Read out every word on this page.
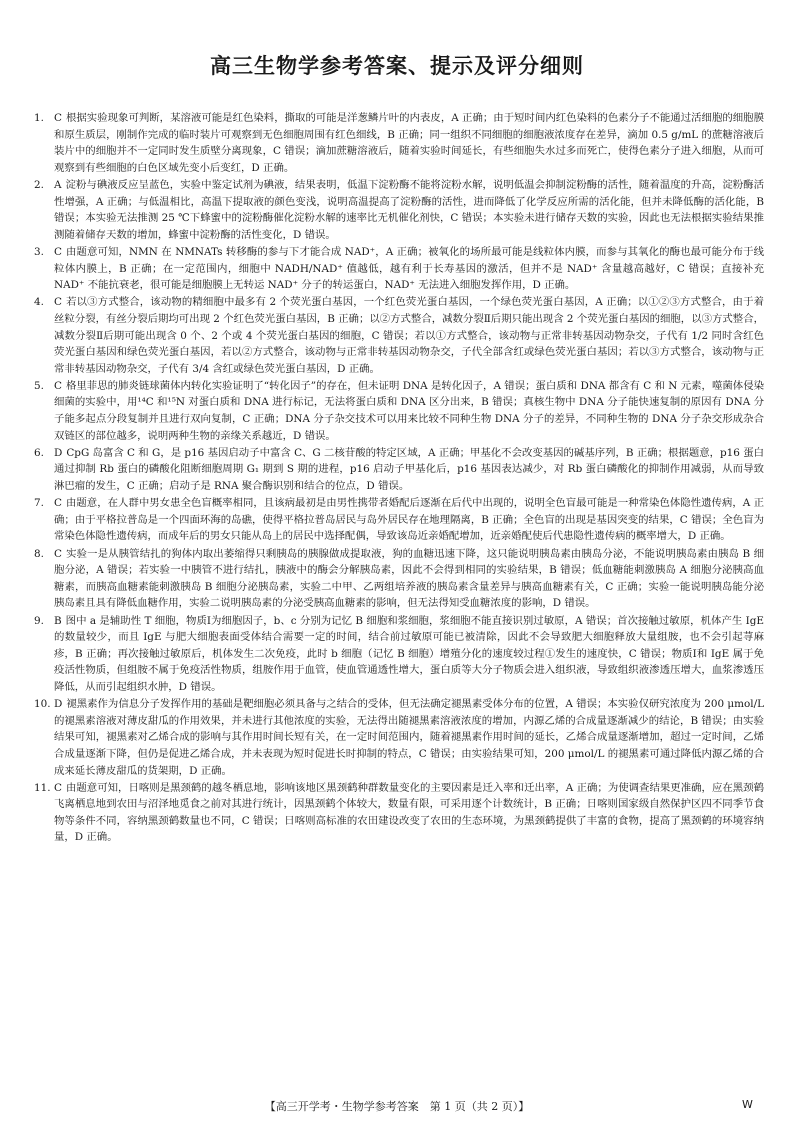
高三生物学参考答案、提示及评分细则

1. C 根据实验现象可判断，某溶液可能是红色染料，撕取的可能是洋葱鳞片叶的内表皮，A 正确；由于短时间内红色染料的色素分子不能通过活细胞的细胞膜和原生质层，刚制作完成的临时装片可观察到无色细胞周围有红色细线，B 正确；同一组织不同细胞的细胞液浓度存在差异，滴加 0.5 g/mL 的蔗糖溶液后装片中的细胞并不一定同时发生质壁分离现象，C 错误；滴加蔗糖溶液后，随着实验时间延长，有些细胞失水过多而死亡，使得色素分子进入细胞，从而可观察到有些细胞的白色区域先变小后变红，D 正确。

2. A 淀粉与碘液反应呈蓝色，实验中鉴定试剂为碘液，结果表明，低温下淀粉酶不能将淀粉水解，说明低温会抑制淀粉酶的活性，随着温度的升高，淀粉酶活性增强，A 正确；与低温相比，高温下提取液的颜色变浅，说明高温提高了淀粉酶的活性，进而降低了化学反应所需的活化能，但并未降低酶的活化能，B 错误；本实验无法推测 25 ℃下蜂蜜中的淀粉酶催化淀粉水解的速率比无机催化剂快，C 错误；本实验未进行储存天数的实验，因此也无法根据实验结果推测随着储存天数的增加，蜂蜜中淀粉酶的活性变化，D 错误。

3. C 由题意可知，NMN 在 NMNATs 转移酶的参与下才能合成 NAD⁺，A 正确；被氧化的场所最可能是线粒体内膜，而参与其氧化的酶也最可能分布于线粒体内膜上，B 正确；在一定范围内，细胞中 NADH/NAD⁺ 值越低，越有利于长寿基因的激活，但并不是 NAD⁺ 含量越高越好，C 错误；直接补充 NAD⁺ 不能抗衰老，很可能是细胞膜上无转运 NAD⁺ 分子的转运蛋白，NAD⁺ 无法进入细胞发挥作用，D 正确。

4. C 若以③方式整合，该动物的精细胞中最多有 2 个荧光蛋白基因，一个红色荧光蛋白基因，一个绿色荧光蛋白基因，A 正确；以①②③方式整合，由于着丝粒分裂，有丝分裂后期均可出现 2 个红色荧光蛋白基因，B 正确；以②方式整合，减数分裂Ⅱ后期只能出现含 2 个荧光蛋白基因的细胞，以③方式整合，减数分裂Ⅱ后期可能出现含 0 个、2 个或 4 个荧光蛋白基因的细胞，C 错误；若以①方式整合，该动物与正常非转基因动物杂交，子代有 1/2 同时含红色荧光蛋白基因和绿色荧光蛋白基因，若以②方式整合，该动物与正常非转基因动物杂交，子代全部含红或绿色荧光蛋白基因；若以③方式整合，该动物与正常非转基因动物杂交，子代有 3/4 含红或绿色荧光蛋白基因，D 正确。

5. C 格里菲思的肺炎链球菌体内转化实验证明了“转化因子”的存在，但未证明 DNA 是转化因子，A 错误；蛋白质和 DNA 都含有 C 和 N 元素，噬菌体侵染细菌的实验中，用¹⁴C 和¹⁵N 对蛋白质和 DNA 进行标记，无法将蛋白质和 DNA 区分出来，B 错误；真核生物中 DNA 分子能快速复制的原因有 DNA 分子能多起点分段复制并且进行双向复制，C 正确；DNA 分子杂交技术可以用来比较不同种生物 DNA 分子的差异，不同种生物的 DNA 分子杂交形成杂合双链区的部位越多，说明两种生物的亲缘关系越近，D 错误。

6. D CpG 岛富含 C 和 G，是 p16 基因启动子中富含 C、G 二核苷酸的特定区域，A 正确；甲基化不会改变基因的碱基序列，B 正确；根据题意，p16 蛋白通过抑制 Rb 蛋白的磷酸化阻断细胞周期 G₁ 期到 S 期的进程，p16 启动子甲基化后，p16 基因表达减少，对 Rb 蛋白磷酸化的抑制作用减弱，从而导致淋巴瘤的发生，C 正确；启动子是 RNA 聚合酶识别和结合的位点，D 错误。

7. C 由题意，在人群中男女患全色盲概率相同，且该病最初是由男性携带者婚配后逐渐在后代中出现的，说明全色盲最可能是一种常染色体隐性遗传病，A 正确；由于平格拉普岛是一个四面环海的岛礁，使得平格拉普岛居民与岛外居民存在地理隔离，B 正确；全色盲的出现是基因突变的结果，C 错误；全色盲为常染色体隐性遗传病，而成年后的男女只能从岛上的居民中选择配偶，导致该岛近亲婚配增加，近亲婚配使后代患隐性遗传病的概率增大，D 正确。

8. C 实验一是从胰管结扎的狗体内取出萎缩得只剩胰岛的胰腺做成提取液，狗的血糖迅速下降，这只能说明胰岛素由胰岛分泌，不能说明胰岛素由胰岛 B 细胞分泌，A 错误；若实验一中胰管不进行结扎，胰液中的酶会分解胰岛素，因此不会得到相同的实验结果，B 错误；低血糖能刺激胰岛 A 细胞分泌胰高血糖素，而胰高血糖素能刺激胰岛 B 细胞分泌胰岛素，实验二中甲、乙两组培养液的胰岛素含量差异与胰高血糖素有关，C 正确；实验一能说明胰岛能分泌胰岛素且具有降低血糖作用，实验二说明胰岛素的分泌受胰高血糖素的影响，但无法得知受血糖浓度的影响，D 错误。

9. B 图中 a 是辅助性 T 细胞，物质Ⅰ为细胞因子，b、c 分别为记忆 B 细胞和浆细胞，浆细胞不能直接识别过敏原，A 错误；首次接触过敏原，机体产生 IgE 的数量较少，而且 IgE 与肥大细胞表面受体结合需要一定的时间，结合前过敏原可能已被清除，因此不会导致肥大细胞释放大量组胺，也不会引起荨麻疹，B 正确；再次接触过敏原后，机体发生二次免疫，此时 b 细胞（记忆 B 细胞）增殖分化的速度较过程①发生的速度快，C 错误；物质Ⅰ和 IgE 属于免疫活性物质，但组胺不属于免疫活性物质，组胺作用于血管，使血管通透性增大，蛋白质等大分子物质会进入组织液，导致组织液渗透压增大，血浆渗透压降低，从而引起组织水肿，D 错误。

10. D 褪黑素作为信息分子发挥作用的基础是靶细胞必须具备与之结合的受体，但无法确定褪黑素受体分布的位置，A 错误；本实验仅研究浓度为 200 μmol/L 的褪黑素溶液对薄皮甜瓜的作用效果，并未进行其他浓度的实验，无法得出随褪黑素溶液浓度的增加，内源乙烯的合成量逐渐减少的结论，B 错误；由实验结果可知，褪黑素对乙烯合成的影响与其作用时间长短有关，在一定时间范围内，随着褪黑素作用时间的延长，乙烯合成量逐渐增加，超过一定时间，乙烯合成量逐渐下降，但仍是促进乙烯合成，并未表现为短时促进长时抑制的特点，C 错误；由实验结果可知，200 μmol/L 的褪黑素可通过降低内源乙烯的合成来延长薄皮甜瓜的货架期，D 正确。

11. C 由题意可知，日喀则是黑颈鹤的越冬栖息地，影响该地区黑颈鹤种群数量变化的主要因素是迁入率和迁出率，A 正确；为使调查结果更准确，应在黑颈鹤飞离栖息地到农田与沼泽地觅食之前对其进行统计，因黑颈鹤个体较大，数量有限，可采用逐个计数统计，B 正确；日喀则国家级自然保护区四不同季节食物等条件不同，容纳黑颈鹤数量也不同，C 错误；日喀则高标准的农田建设改变了农田的生态环境，为黑颈鹤提供了丰富的食物，提高了黑颈鹤的环境容纳量，D 正确。

【高三开学考・生物学参考答案　第 1 页（共 2 页）】	W
